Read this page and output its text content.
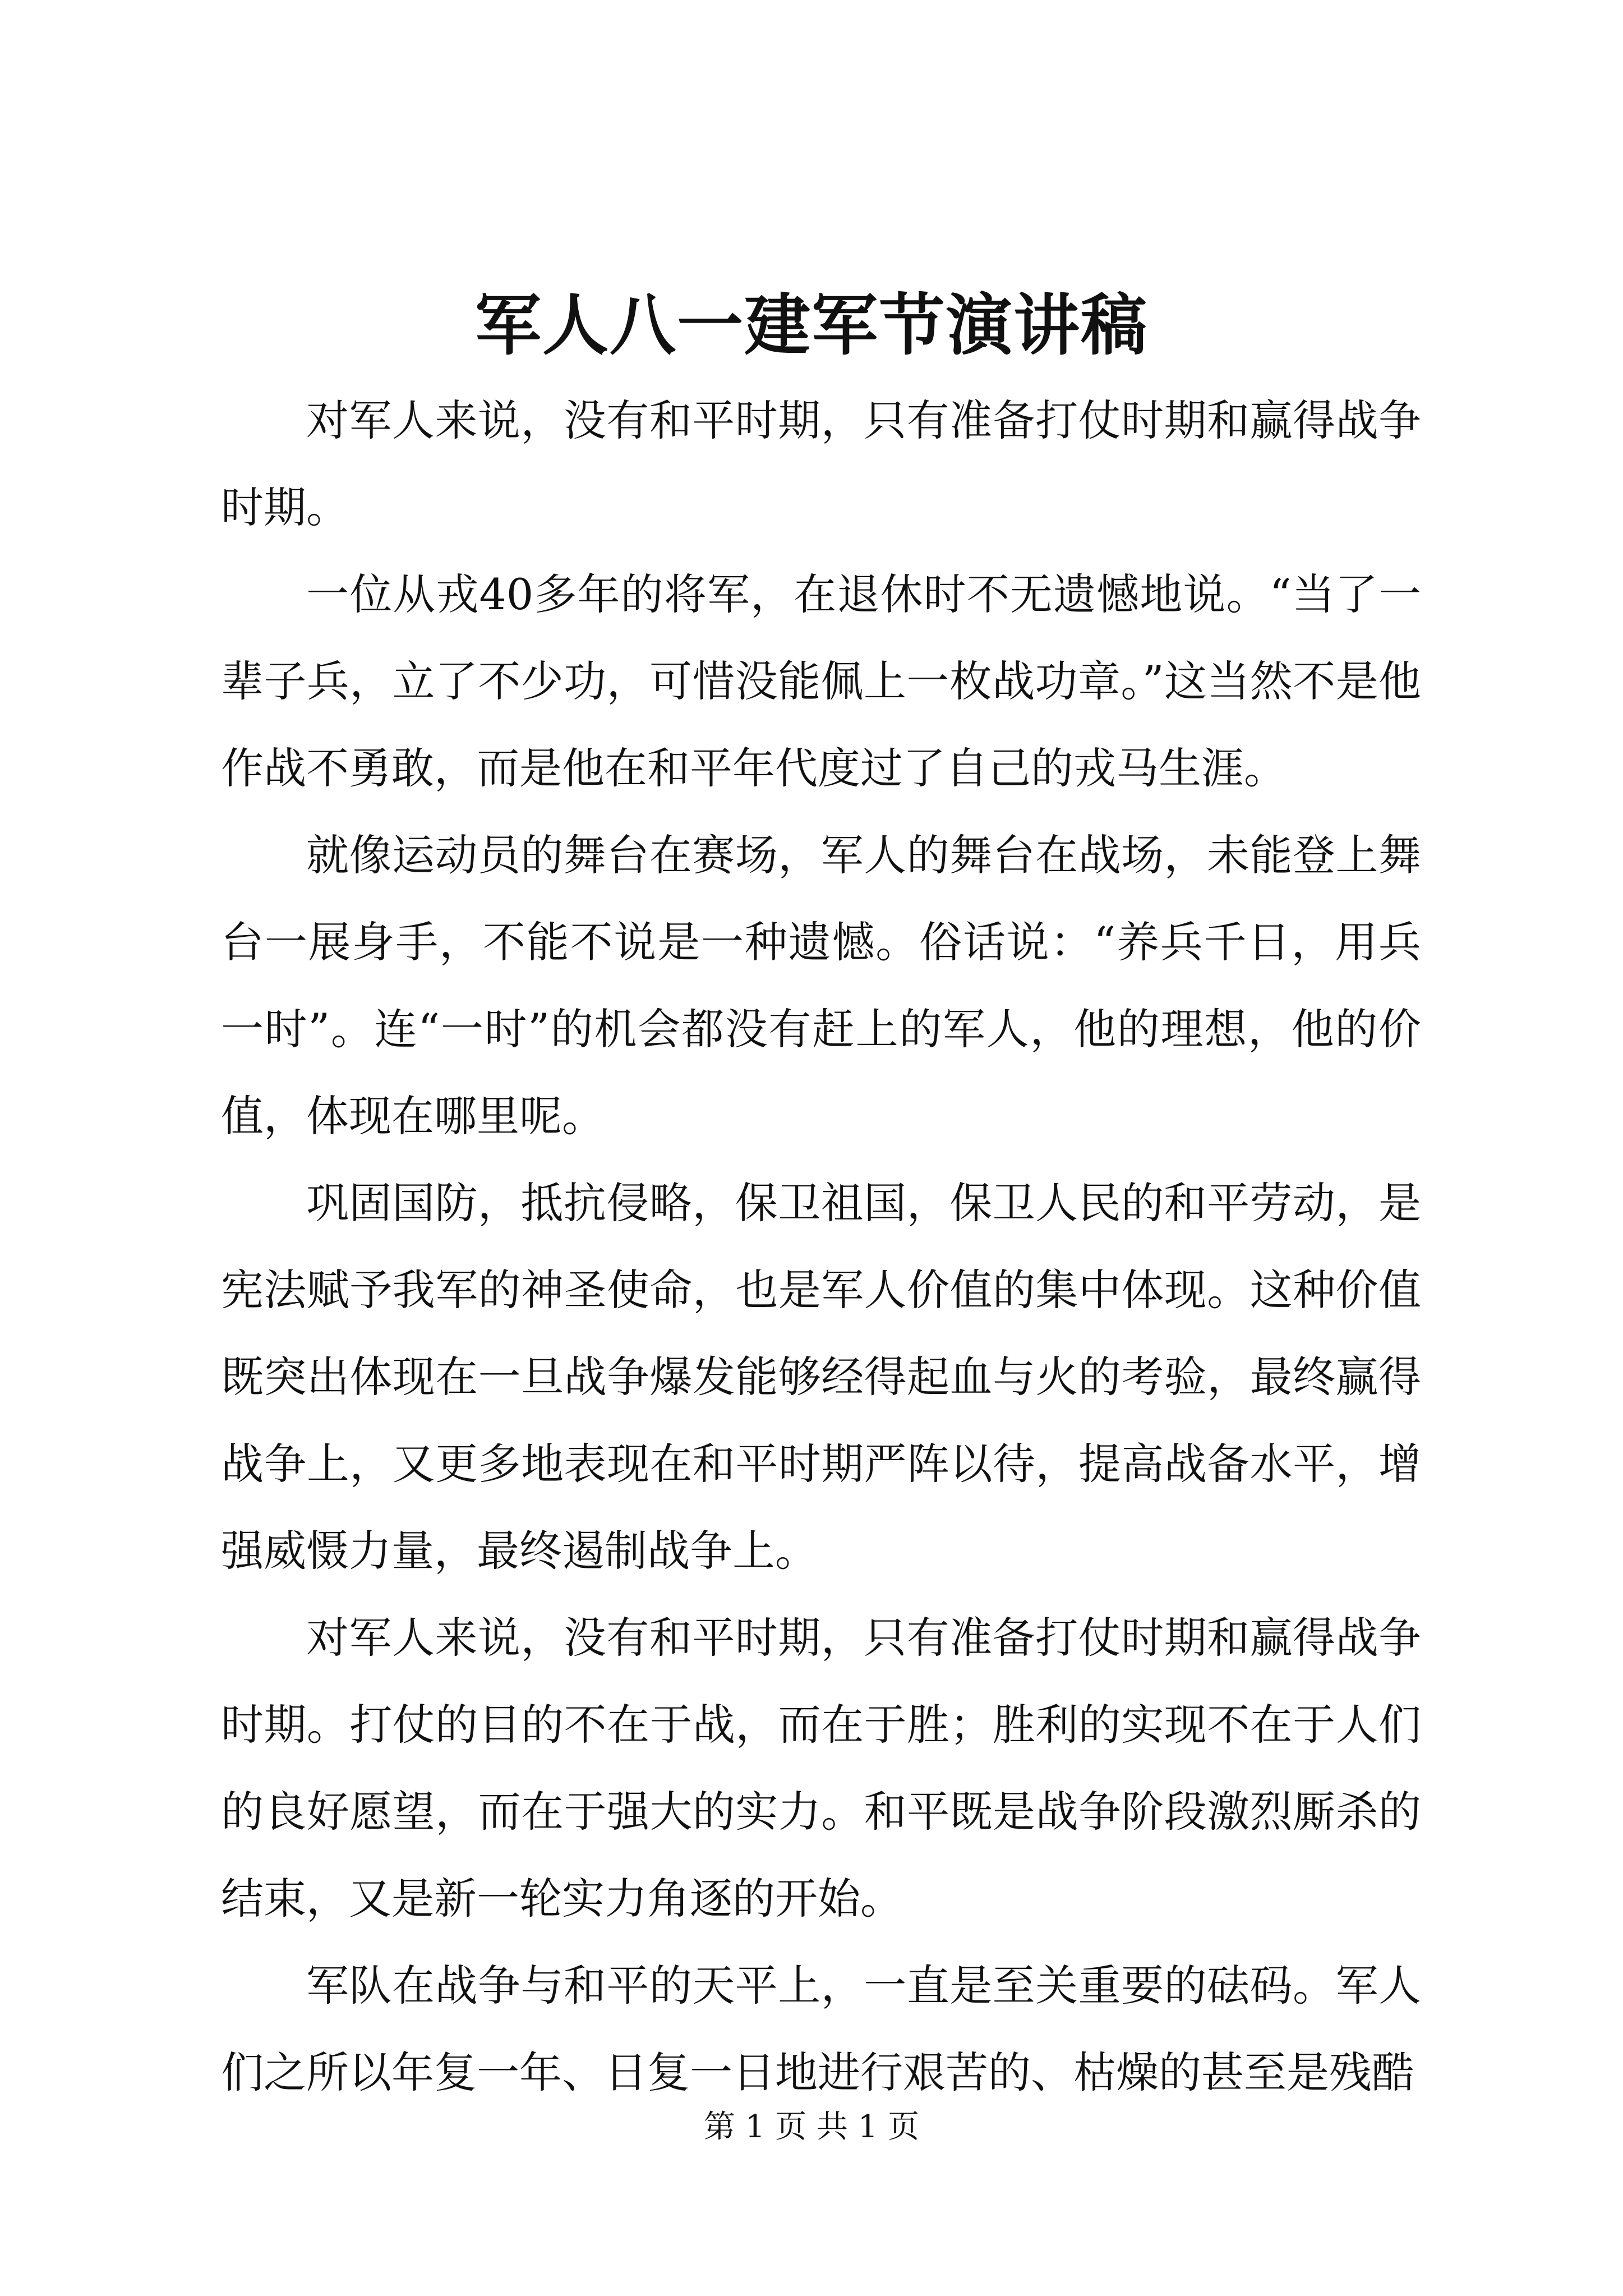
军人八一建军节演讲稿

对军人来说，没有和平时期，只有准备打仗时期和赢得战争时期。

一位从戎40多年的将军，在退休时不无遗憾地说。“当了一辈子兵，立了不少功，可惜没能佩上一枚战功章。”这当然不是他作战不勇敢，而是他在和平年代度过了自己的戎马生涯。

就像运动员的舞台在赛场，军人的舞台在战场，未能登上舞台一展身手，不能不说是一种遗憾。俗话说：“养兵千日，用兵一时”。连“一时”的机会都没有赶上的军人，他的理想，他的价值，体现在哪里呢。

巩固国防，抵抗侵略，保卫祖国，保卫人民的和平劳动，是宪法赋予我军的神圣使命，也是军人价值的集中体现。这种价值既突出体现在一旦战争爆发能够经得起血与火的考验，最终赢得战争上，又更多地表现在和平时期严阵以待，提高战备水平，增强威慑力量，最终遏制战争上。

对军人来说，没有和平时期，只有准备打仗时期和赢得战争时期。打仗的目的不在于战，而在于胜；胜利的实现不在于人们的良好愿望，而在于强大的实力。和平既是战争阶段激烈厮杀的结束，又是新一轮实力角逐的开始。

军队在战争与和平的天平上，一直是至关重要的砝码。军人们之所以年复一年、日复一日地进行艰苦的、枯燥的甚至是残酷

第 1 页 共 1 页
